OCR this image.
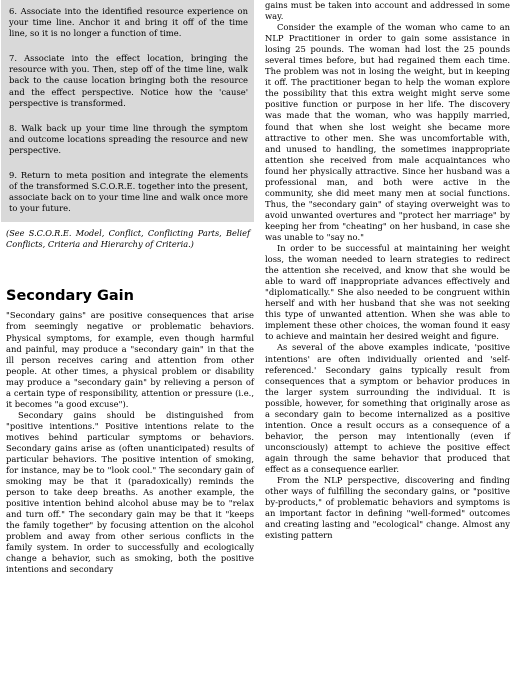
6. Associate into the identified resource experience on your time line. Anchor it and bring it off of the time line, so it is no longer a function of time.

7. Associate into the effect location, bringing the resource with you. Then, step off of the time line, walk back to the cause location bringing both the resource and the effect perspective. Notice how the 'cause' perspective is transformed.

8. Walk back up your time line through the symptom and outcome locations spreading the resource and new perspective.

9. Return to meta position and integrate the elements of the transformed S.C.O.R.E. together into the present, associate back on to your time line and walk once more to your future.

(See S.C.O.R.E. Model, Conflict, Conflicting Parts, Belief Conflicts, Criteria and Hierarchy of Criteria.)
Secondary Gain

"Secondary gains" are positive consequences that arise from seemingly negative or problematic behaviors. Physical symptoms, for example, even though harmful and painful, may produce a "secondary gain" in that the ill person receives caring and attention from other people. At other times, a physical problem or disability may produce a "secondary gain" by relieving a person of a certain type of responsibility, attention or pressure (i.e., it becomes "a good excuse").

Secondary gains should be distinguished from "positive intentions." Positive intentions relate to the motives behind particular symptoms or behaviors. Secondary gains arise as (often unanticipated) results of particular behaviors. The positive intention of smoking, for instance, may be to "look cool." The secondary gain of smoking may be that it (paradoxically) reminds the person to take deep breaths. As another example, the positive intention behind alcohol abuse may be to "relax and turn off." The secondary gain may be that it "keeps the family together" by focusing attention on the alcohol problem and away from other serious conflicts in the family system. In order to successfully and ecologically change a behavior, such as smoking, both the positive intentions and secondary

gains must be taken into account and addressed in some way.

Consider the example of the woman who came to an NLP Practitioner in order to gain some assistance in losing 25 pounds. The woman had lost the 25 pounds several times before, but had regained them each time. The problem was not in losing the weight, but in keeping it off. The practitioner began to help the woman explore the possibility that this extra weight might serve some positive function or purpose in her life. The discovery was made that the woman, who was happily married, found that when she lost weight she became more attractive to other men. She was uncomfortable with, and unused to handling, the sometimes inappropriate attention she received from male acquaintances who found her physically attractive. Since her husband was a professional man, and both were active in the community, she did meet many men at social functions. Thus, the "secondary gain" of staying overweight was to avoid unwanted overtures and "protect her marriage" by keeping her from "cheating" on her husband, in case she was unable to "say no."

In order to be successful at maintaining her weight loss, the woman needed to learn strategies to redirect the attention she received, and know that she would be able to ward off inappropriate advances effectively and "diplomatically." She also needed to be congruent within herself and with her husband that she was not seeking this type of unwanted attention. When she was able to implement these other choices, the woman found it easy to achieve and maintain her desired weight and figure.

As several of the above examples indicate, 'positive intentions' are often individually oriented and 'self-referenced.' Secondary gains typically result from consequences that a symptom or behavior produces in the larger system surrounding the individual. It is possible, however, for something that originally arose as a secondary gain to become internalized as a positive intention. Once a result occurs as a consequence of a behavior, the person may intentionally (even if unconsciously) attempt to achieve the positive effect again through the same behavior that produced that effect as a consequence earlier.

From the NLP perspective, discovering and finding other ways of fulfilling the secondary gains, or "positive by-products," of problematic behaviors and symptoms is an important factor in defining "well-formed" outcomes and creating lasting and "ecological" change. Almost any existing pattern
